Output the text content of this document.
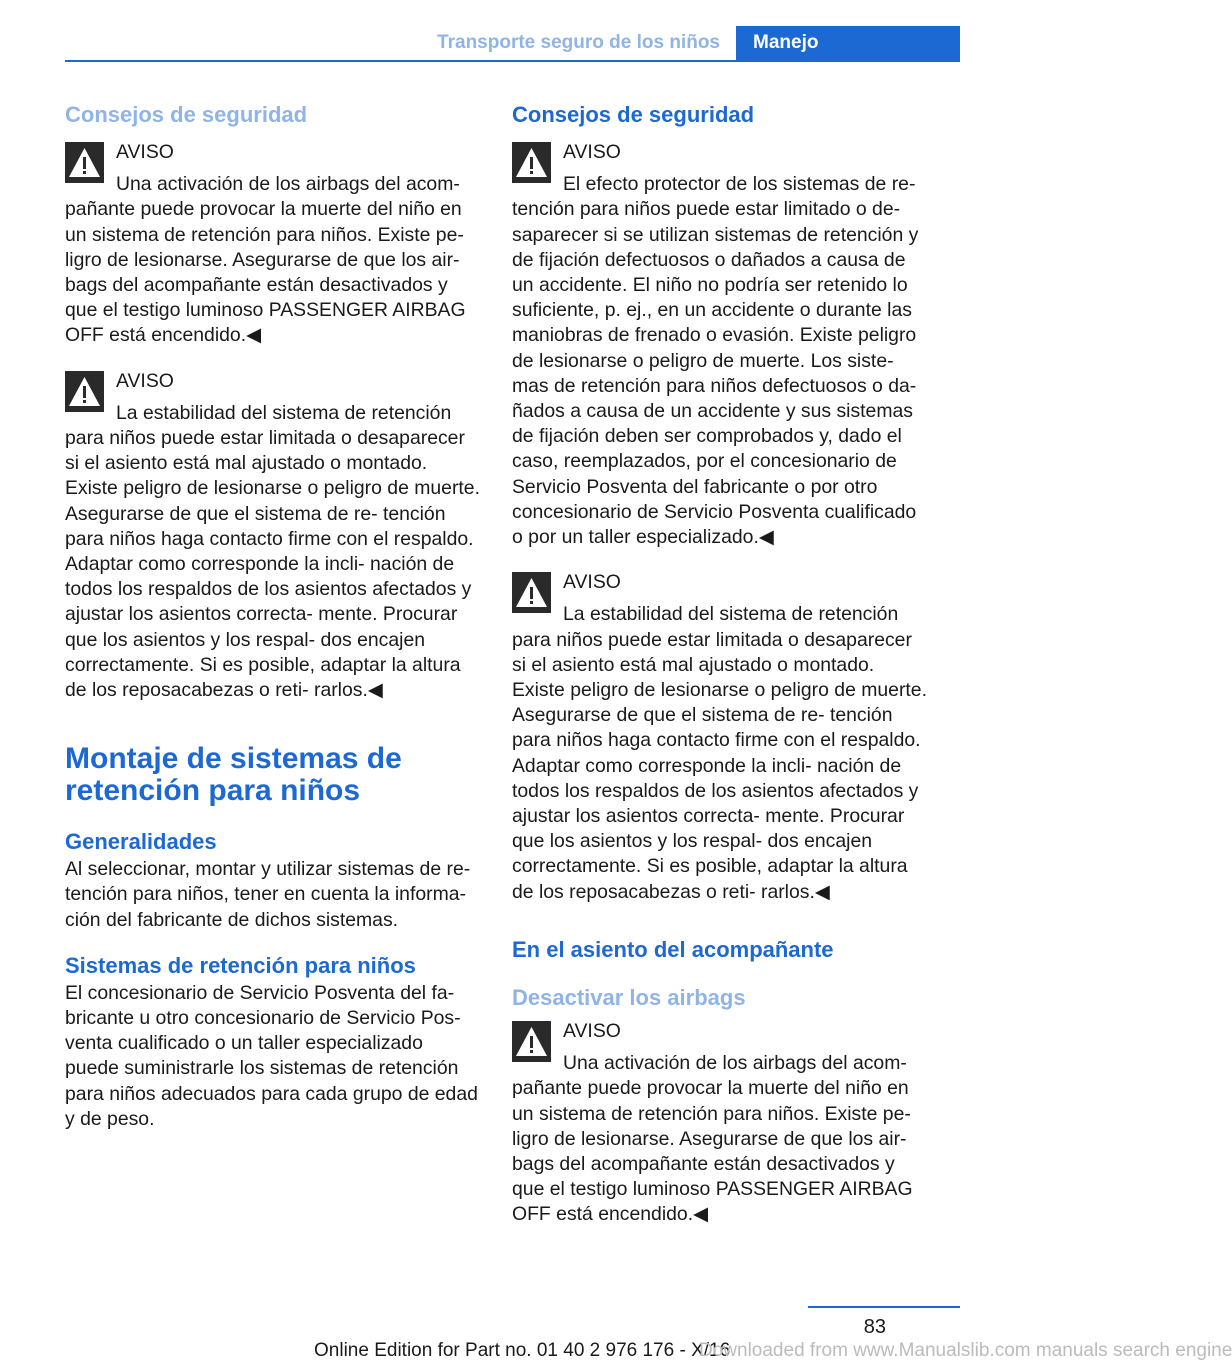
Transporte seguro de los niños	Manejo
Consejos de seguridad
AVISO

Una activación de los airbags del acom‐ pañante puede provocar la muerte del niño en un sistema de retención para niños. Existe pe‐ ligro de lesionarse. Asegurarse de que los air‐ bags del acompañante están desactivados y que el testigo luminoso PASSENGER AIRBAG OFF está encendido.◀

AVISO

La estabilidad del sistema de retención para niños puede estar limitada o desaparecer si el asiento está mal ajustado o montado. Existe peligro de lesionarse o peligro de muerte. Asegurarse de que el sistema de re‐ tención para niños haga contacto firme con el respaldo. Adaptar como corresponde la incli‐ nación de todos los respaldos de los asientos afectados y ajustar los asientos correcta‐ mente. Procurar que los asientos y los respal‐ dos encajen correctamente. Si es posible, adaptar la altura de los reposacabezas o reti‐ rarlos.◀

Montaje de sistemas de retención para niños
Generalidades

Al seleccionar, montar y utilizar sistemas de re‐ tención para niños, tener en cuenta la informa‐ ción del fabricante de dichos sistemas.

Sistemas de retención para niños

El concesionario de Servicio Posventa del fa‐ bricante u otro concesionario de Servicio Pos‐ venta cualificado o un taller especializado puede suministrarle los sistemas de retención para niños adecuados para cada grupo de edad y de peso.

Consejos de seguridad
AVISO

El efecto protector de los sistemas de re‐ tención para niños puede estar limitado o de‐ saparecer si se utilizan sistemas de retención y de fijación defectuosos o dañados a causa de un accidente. El niño no podría ser retenido lo suficiente, p. ej., en un accidente o durante las maniobras de frenado o evasión. Existe peligro de lesionarse o peligro de muerte. Los siste‐ mas de retención para niños defectuosos o da‐ ñados a causa de un accidente y sus sistemas de fijación deben ser comprobados y, dado el caso, reemplazados, por el concesionario de Servicio Posventa del fabricante o por otro concesionario de Servicio Posventa cualificado o por un taller especializado.◀

AVISO

La estabilidad del sistema de retención para niños puede estar limitada o desaparecer si el asiento está mal ajustado o montado. Existe peligro de lesionarse o peligro de muerte. Asegurarse de que el sistema de re‐ tención para niños haga contacto firme con el respaldo. Adaptar como corresponde la incli‐ nación de todos los respaldos de los asientos afectados y ajustar los asientos correcta‐ mente. Procurar que los asientos y los respal‐ dos encajen correctamente. Si es posible, adaptar la altura de los reposacabezas o reti‐ rarlos.◀

En el asiento del acompañante
Desactivar los airbags
AVISO

Una activación de los airbags del acom‐ pañante puede provocar la muerte del niño en un sistema de retención para niños. Existe pe‐ ligro de lesionarse. Asegurarse de que los air‐ bags del acompañante están desactivados y que el testigo luminoso PASSENGER AIRBAG OFF está encendido.◀

83
Online Edition for Part no. 01 40 2 976 176 - X/16
Downloaded from www.Manualslib.com manuals search engine
